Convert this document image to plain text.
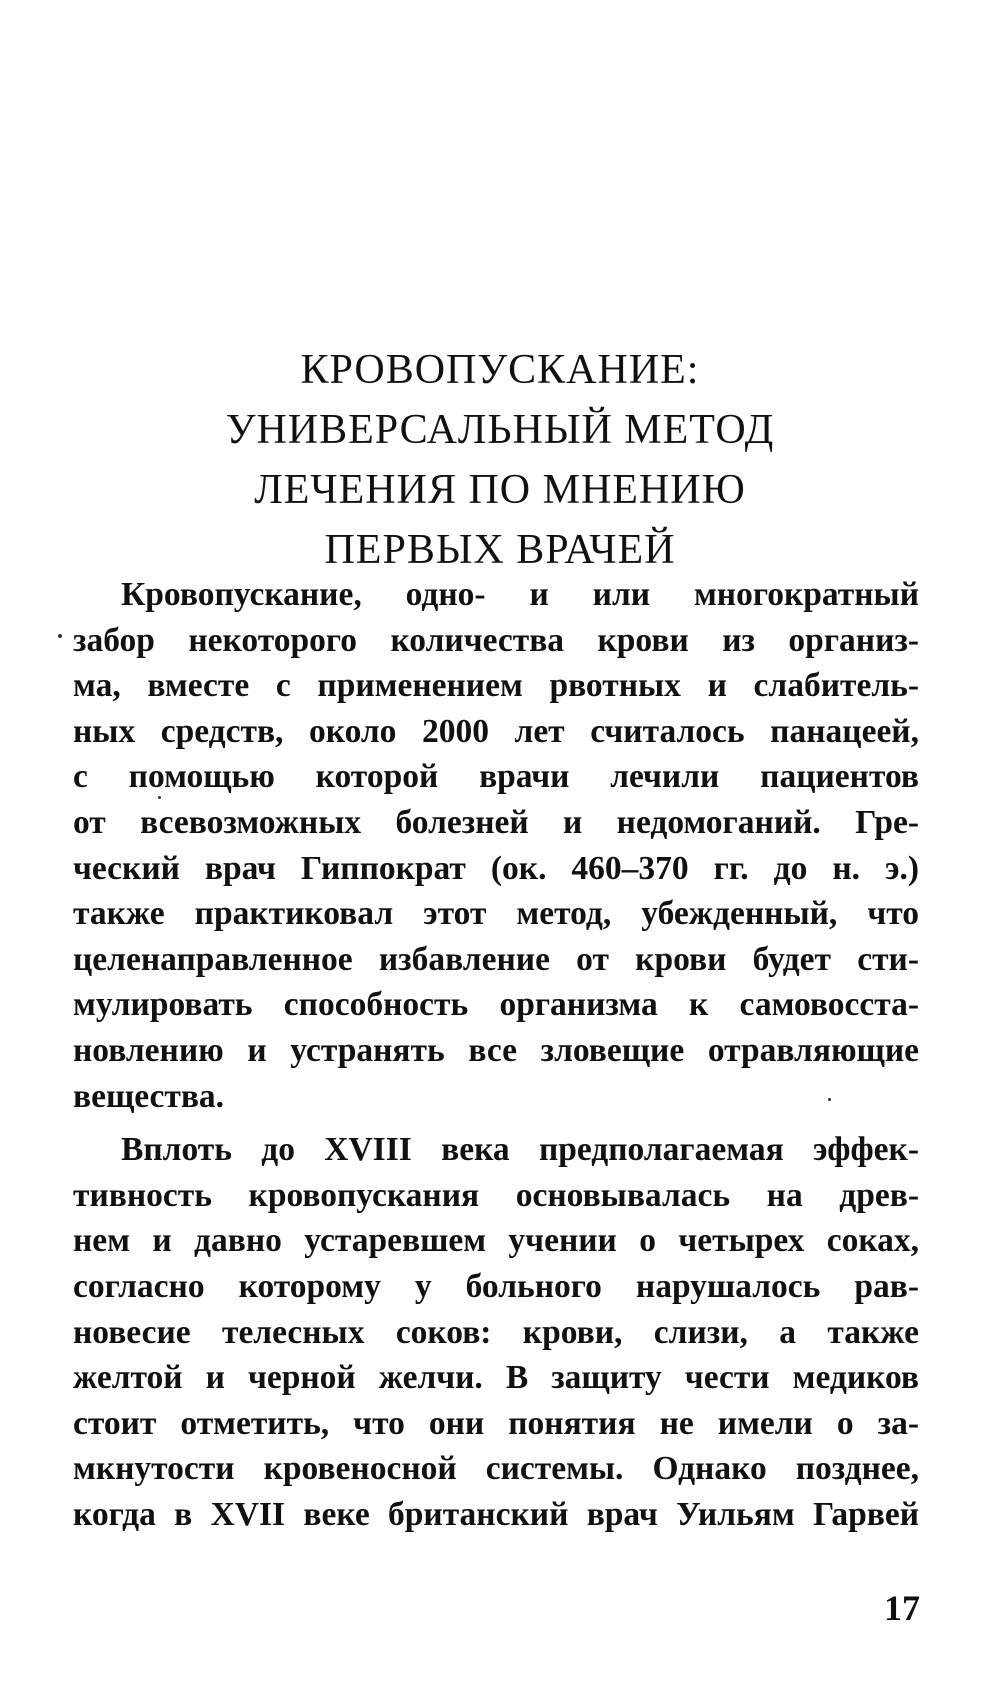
КРОВОПУСКАНИЕ:
УНИВЕРСАЛЬНЫЙ МЕТОД
ЛЕЧЕНИЯ ПО МНЕНИЮ
ПЕРВЫХ ВРАЧЕЙ
Кровопускание, одно- и или многократный
забор некоторого количества крови из организ-
ма, вместе с применением рвотных и слабитель-
ных средств, около 2000 лет считалось панацеей,
с помощью которой врачи лечили пациентов
от всевозможных болезней и недомоганий. Гре-
ческий врач Гиппократ (ок. 460–370 гг. до н. э.)
также практиковал этот метод, убежденный, что
целенаправленное избавление от крови будет сти-
мулировать способность организма к самовосста-
новлению и устранять все зловещие отравляющие
вещества.
Вплоть до XVIII века предполагаемая эффек-
тивность кровопускания основывалась на древ-
нем и давно устаревшем учении о четырех соках,
согласно которому у больного нарушалось рав-
новесие телесных соков: крови, слизи, а также
желтой и черной желчи. В защиту чести медиков
стоит отметить, что они понятия не имели о за-
мкнутости кровеносной системы. Однако позднее,
когда в XVII веке британский врач Уильям Гарвей
17
